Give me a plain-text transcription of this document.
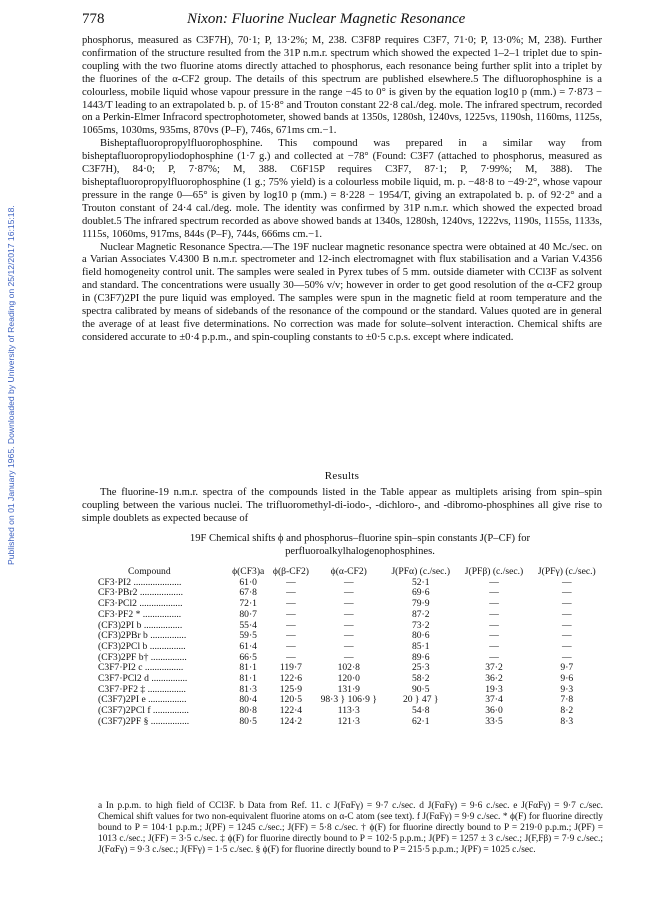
Published on 01 January 1965. Downloaded by University of Reading on 25/12/2017 16:15:18.
778	Nixon: Fluorine Nuclear Magnetic Resonance

phosphorus, measured as C3F7H), 70·1; P, 13·2%; M, 238. C3F8P requires C3F7, 71·0; P, 13·0%; M, 238). Further confirmation of the structure resulted from the 31P n.m.r. spectrum which showed the expected 1–2–1 triplet due to spin-coupling with the two fluorine atoms directly attached to phosphorus, each resonance being further split into a triplet by the fluorines of the α-CF2 group. The details of this spectrum are published elsewhere.5 The difluorophosphine is a colourless, mobile liquid whose vapour pressure in the range −45 to 0° is given by the equation log10 p (mm.) = 7·873 − 1443/T leading to an extrapolated b. p. of 15·8° and Trouton constant 22·8 cal./deg. mole. The infrared spectrum, recorded on a Perkin-Elmer Infracord spectrophotometer, showed bands at 1350s, 1280sh, 1240vs, 1225vs, 1190sh, 1160ms, 1125s, 1065ms, 1030ms, 935ms, 870vs (P–F), 746s, 671ms cm.−1.

Bisheptafluoropropylfluorophosphine. This compound was prepared in a similar way from bisheptafluoropropyliodophosphine (1·7 g.) and collected at −78° (Found: C3F7 (attached to phosphorus, measured as C3F7H), 84·0; P, 7·87%; M, 388. C6F15P requires C3F7, 87·1; P, 7·99%; M, 388). The bisheptafluoropropylfluorophosphine (1 g.; 75% yield) is a colourless mobile liquid, m. p. −48·8 to −49·2°, whose vapour pressure in the range 0—65° is given by log10 p (mm.) = 8·228 − 1954/T, giving an extrapolated b. p. of 92·2° and a Trouton constant of 24·4 cal./deg. mole. The identity was confirmed by 31P n.m.r. which showed the expected broad doublet.5 The infrared spectrum recorded as above showed bands at 1340s, 1280sh, 1240vs, 1222vs, 1190s, 1155s, 1133s, 1115s, 1060ms, 917ms, 844s (P–F), 744s, 666ms cm.−1.

Nuclear Magnetic Resonance Spectra.—The 19F nuclear magnetic resonance spectra were obtained at 40 Mc./sec. on a Varian Associates V.4300 B n.m.r. spectrometer and 12-inch electromagnet with flux stabilisation and a Varian V.4356 field homogeneity control unit. The samples were sealed in Pyrex tubes of 5 mm. outside diameter with CCl3F as solvent and standard. The concentrations were usually 30—50% v/v; however in order to get good resolution of the α-CF2 group in (C3F7)2PI the pure liquid was employed. The samples were spun in the magnetic field at room temperature and the spectra calibrated by means of sidebands of the resonance of the compound or the standard. Values quoted are in general the average of at least five determinations. No correction was made for solute–solvent interaction. Chemical shifts are considered accurate to ±0·4 p.p.m., and spin-coupling constants to ±0·5 c.p.s. except where indicated.

Results
The fluorine-19 n.m.r. spectra of the compounds listed in the Table appear as multiplets arising from spin–spin coupling between the various nuclei. The trifluoromethyl-di-iodo-, -dichloro-, and -dibromo-phosphines all give rise to simple doublets as expected because of
19F Chemical shifts ϕ and phosphorus–fluorine spin–spin constants J(P–CF) for perfluoroalkylhalogenophosphines.
Compound	ϕ(CF3)a	ϕ(β-CF2)	ϕ(α-CF2)	J(PFα) (c./sec.)	J(PFβ) (c./sec.)	J(PFγ) (c./sec.)
CF3·PI2 ....................	61·0	—	—	52·1	—	—
CF3·PBr2 ..................	67·8	—	—	69·6	—	—
CF3·PCl2 ..................	72·1	—	—	79·9	—	—
CF3·PF2 * ................	80·7	—	—	87·2	—	—
(CF3)2PI b ................	55·4	—	—	73·2	—	—
(CF3)2PBr b ...............	59·5	—	—	80·6	—	—
(CF3)2PCl b ...............	61·4	—	—	85·1	—	—
(CF3)2PF b† ...............	66·5	—	—	89·6	—	—
C3F7·PI2 c ................	81·1	119·7	102·8	25·3	37·2	9·7
C3F7·PCl2 d ...............	81·1	122·6	120·0	58·2	36·2	9·6
C3F7·PF2 ‡ ................	81·3	125·9	131·9	90·5	19·3	9·3
(C3F7)2PI e ................	80·4	120·5	98·3 } 106·9 }	20 } 47 }	37·4	7·8
(C3F7)2PCl f ...............	80·8	122·4	113·3	54·8	36·0	8·2
(C3F7)2PF § ................	80·5	124·2	121·3	62·1	33·5	8·3
a In p.p.m. to high field of CCl3F. b Data from Ref. 11. c J(FαFγ) = 9·7 c./sec. d J(FαFγ) = 9·6 c./sec. e J(FαFγ) = 9·7 c./sec. Chemical shift values for two non-equivalent fluorine atoms on α-C atom (see text). f J(FαFγ) = 9·9 c./sec. * ϕ(F) for fluorine directly bound to P = 104·1 p.p.m.; J(PF) = 1245 c./sec.; J(FF) = 5·8 c./sec. † ϕ(F) for fluorine directly bound to P = 219·0 p.p.m.; J(PF) = 1013 c./sec.; J(FF) = 3·5 c./sec. ‡ ϕ(F) for fluorine directly bound to P = 102·5 p.p.m.; J(PF) = 1257 ± 3 c./sec.; J(F,Fβ) = 7·9 c./sec.; J(FαFγ) = 9·3 c./sec.; J(FFγ) = 1·5 c./sec. § ϕ(F) for fluorine directly bound to P = 215·5 p.p.m.; J(PF) = 1025 c./sec.
